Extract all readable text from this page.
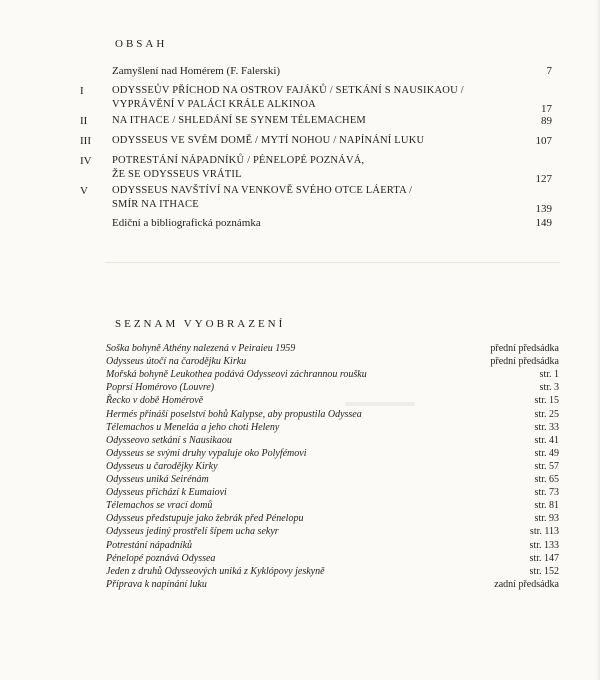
OBSAH
Zamyšlení nad Homérem (F. Falerski)	7
I	ODYSSEŮV PŘÍCHOD NA OSTROV FAJÁKŮ / SETKÁNÍ S NAUSIKAOU /
VYPRÁVĚNÍ V PALÁCI KRÁLE ALKINOA	17
II	NA ITHACE / SHLEDÁNÍ SE SYNEM TÉLEMACHEM	89
III	ODYSSEUS VE SVÉM DOMĚ / MYTÍ NOHOU / NAPÍNÁNÍ LUKU	107
IV	POTRESTÁNÍ NÁPADNÍKŮ / PÉNELOPÉ POZNÁVÁ,
ŽE SE ODYSSEUS VRÁTIL	127
V	ODYSSEUS NAVŠTÍVÍ NA VENKOVĚ SVÉHO OTCE LÁERTA /
SMÍR NA ITHACE	139
Ediční a bibliografická poznámka	149
SEZNAM VYOBRAZENÍ
Soška bohyně Athény nalezená v Peiraieu 1959	přední předsádka
Odysseus útočí na čarodějku Kirku	přední předsádka
Mořská bohyně Leukothea podává Odysseovi záchrannou roušku	str. 1
Poprsí Homérovo (Louvre)	str. 3
Řecko v době Homérově	str. 15
Hermés přináší poselství bohů Kalypse, aby propustila Odyssea	str. 25
Télemachos u Meneláa a jeho choti Heleny	str. 33
Odysseovo setkání s Nausikaou	str. 41
Odysseus se svými druhy vypaluje oko Polyfémovi	str. 49
Odysseus u čarodějky Kirky	str. 57
Odysseus uniká Seirénám	str. 65
Odysseus přichází k Eumaiovi	str. 73
Télemachos se vrací domů	str. 81
Odysseus předstupuje jako žebrák před Pénelopu	str. 93
Odysseus jediný prostřelí šípem ucha sekyr	str. 113
Potrestání nápadníků	str. 133
Pénelopé poznává Odyssea	str. 147
Jeden z druhů Odysseových uniká z Kyklópovy jeskyně	str. 152
Příprava k napínání luku	zadní předsádka
